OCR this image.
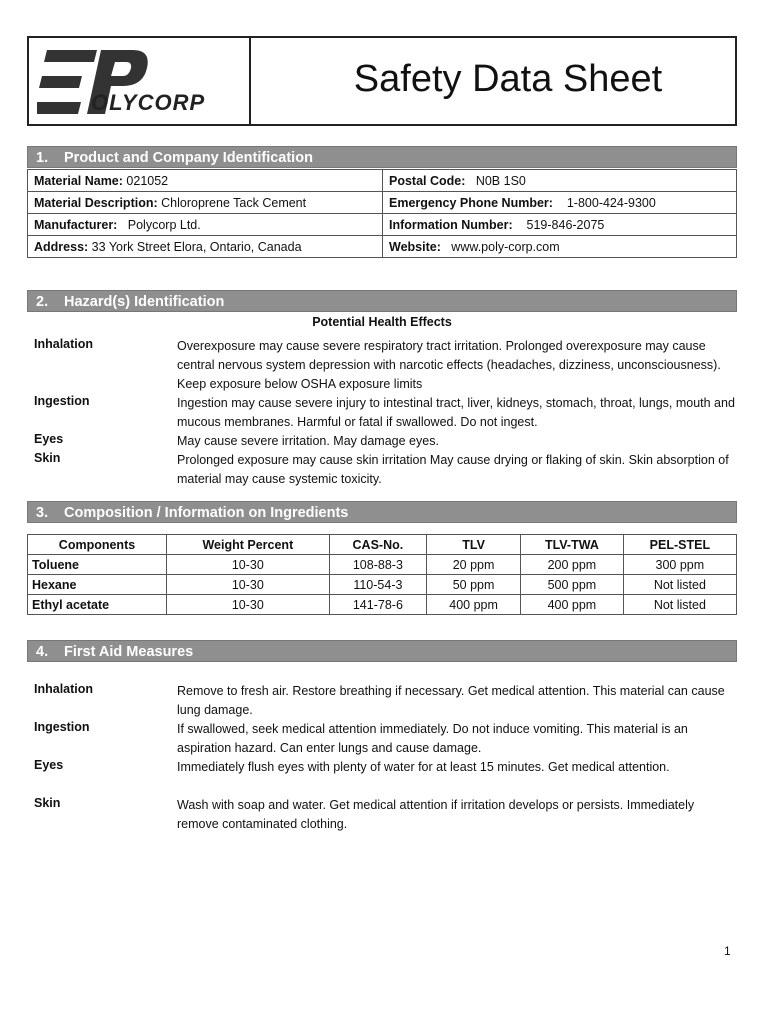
OLYCORP
Safety Data Sheet
1. Product and Company Identification
Material Name: 021052	Postal Code: N0B 1S0
Material Description: Chloroprene Tack Cement	Emergency Phone Number: 1-800-424-9300
Manufacturer: Polycorp Ltd.	Information Number: 519-846-2075
Address: 33 York Street Elora, Ontario, Canada	Website: www.poly-corp.com
2. Hazard(s) Identification
Potential Health Effects
Inhalation	Overexposure may cause severe respiratory tract irritation. Prolonged overexposure may cause central nervous system depression with narcotic effects (headaches, dizziness, unconsciousness). Keep exposure below OSHA exposure limits
Ingestion	Ingestion may cause severe injury to intestinal tract, liver, kidneys, stomach, throat, lungs, mouth and mucous membranes. Harmful or fatal if swallowed. Do not ingest.
Eyes	May cause severe irritation. May damage eyes.
Skin	Prolonged exposure may cause skin irritation May cause drying or flaking of skin. Skin absorption of material may cause systemic toxicity.
3. Composition / Information on Ingredients
Components	Weight Percent	CAS-No.	TLV	TLV-TWA	PEL-STEL
Toluene	10-30	108-88-3	20 ppm	200 ppm	300 ppm
Hexane	10-30	110-54-3	50 ppm	500 ppm	Not listed
Ethyl acetate	10-30	141-78-6	400 ppm	400 ppm	Not listed
4. First Aid Measures
Inhalation	Remove to fresh air. Restore breathing if necessary. Get medical attention. This material can cause lung damage.
Ingestion	If swallowed, seek medical attention immediately. Do not induce vomiting. This material is an aspiration hazard. Can enter lungs and cause damage.
Eyes	Immediately flush eyes with plenty of water for at least 15 minutes. Get medical attention.
Skin	Wash with soap and water. Get medical attention if irritation develops or persists. Immediately remove contaminated clothing.
1
